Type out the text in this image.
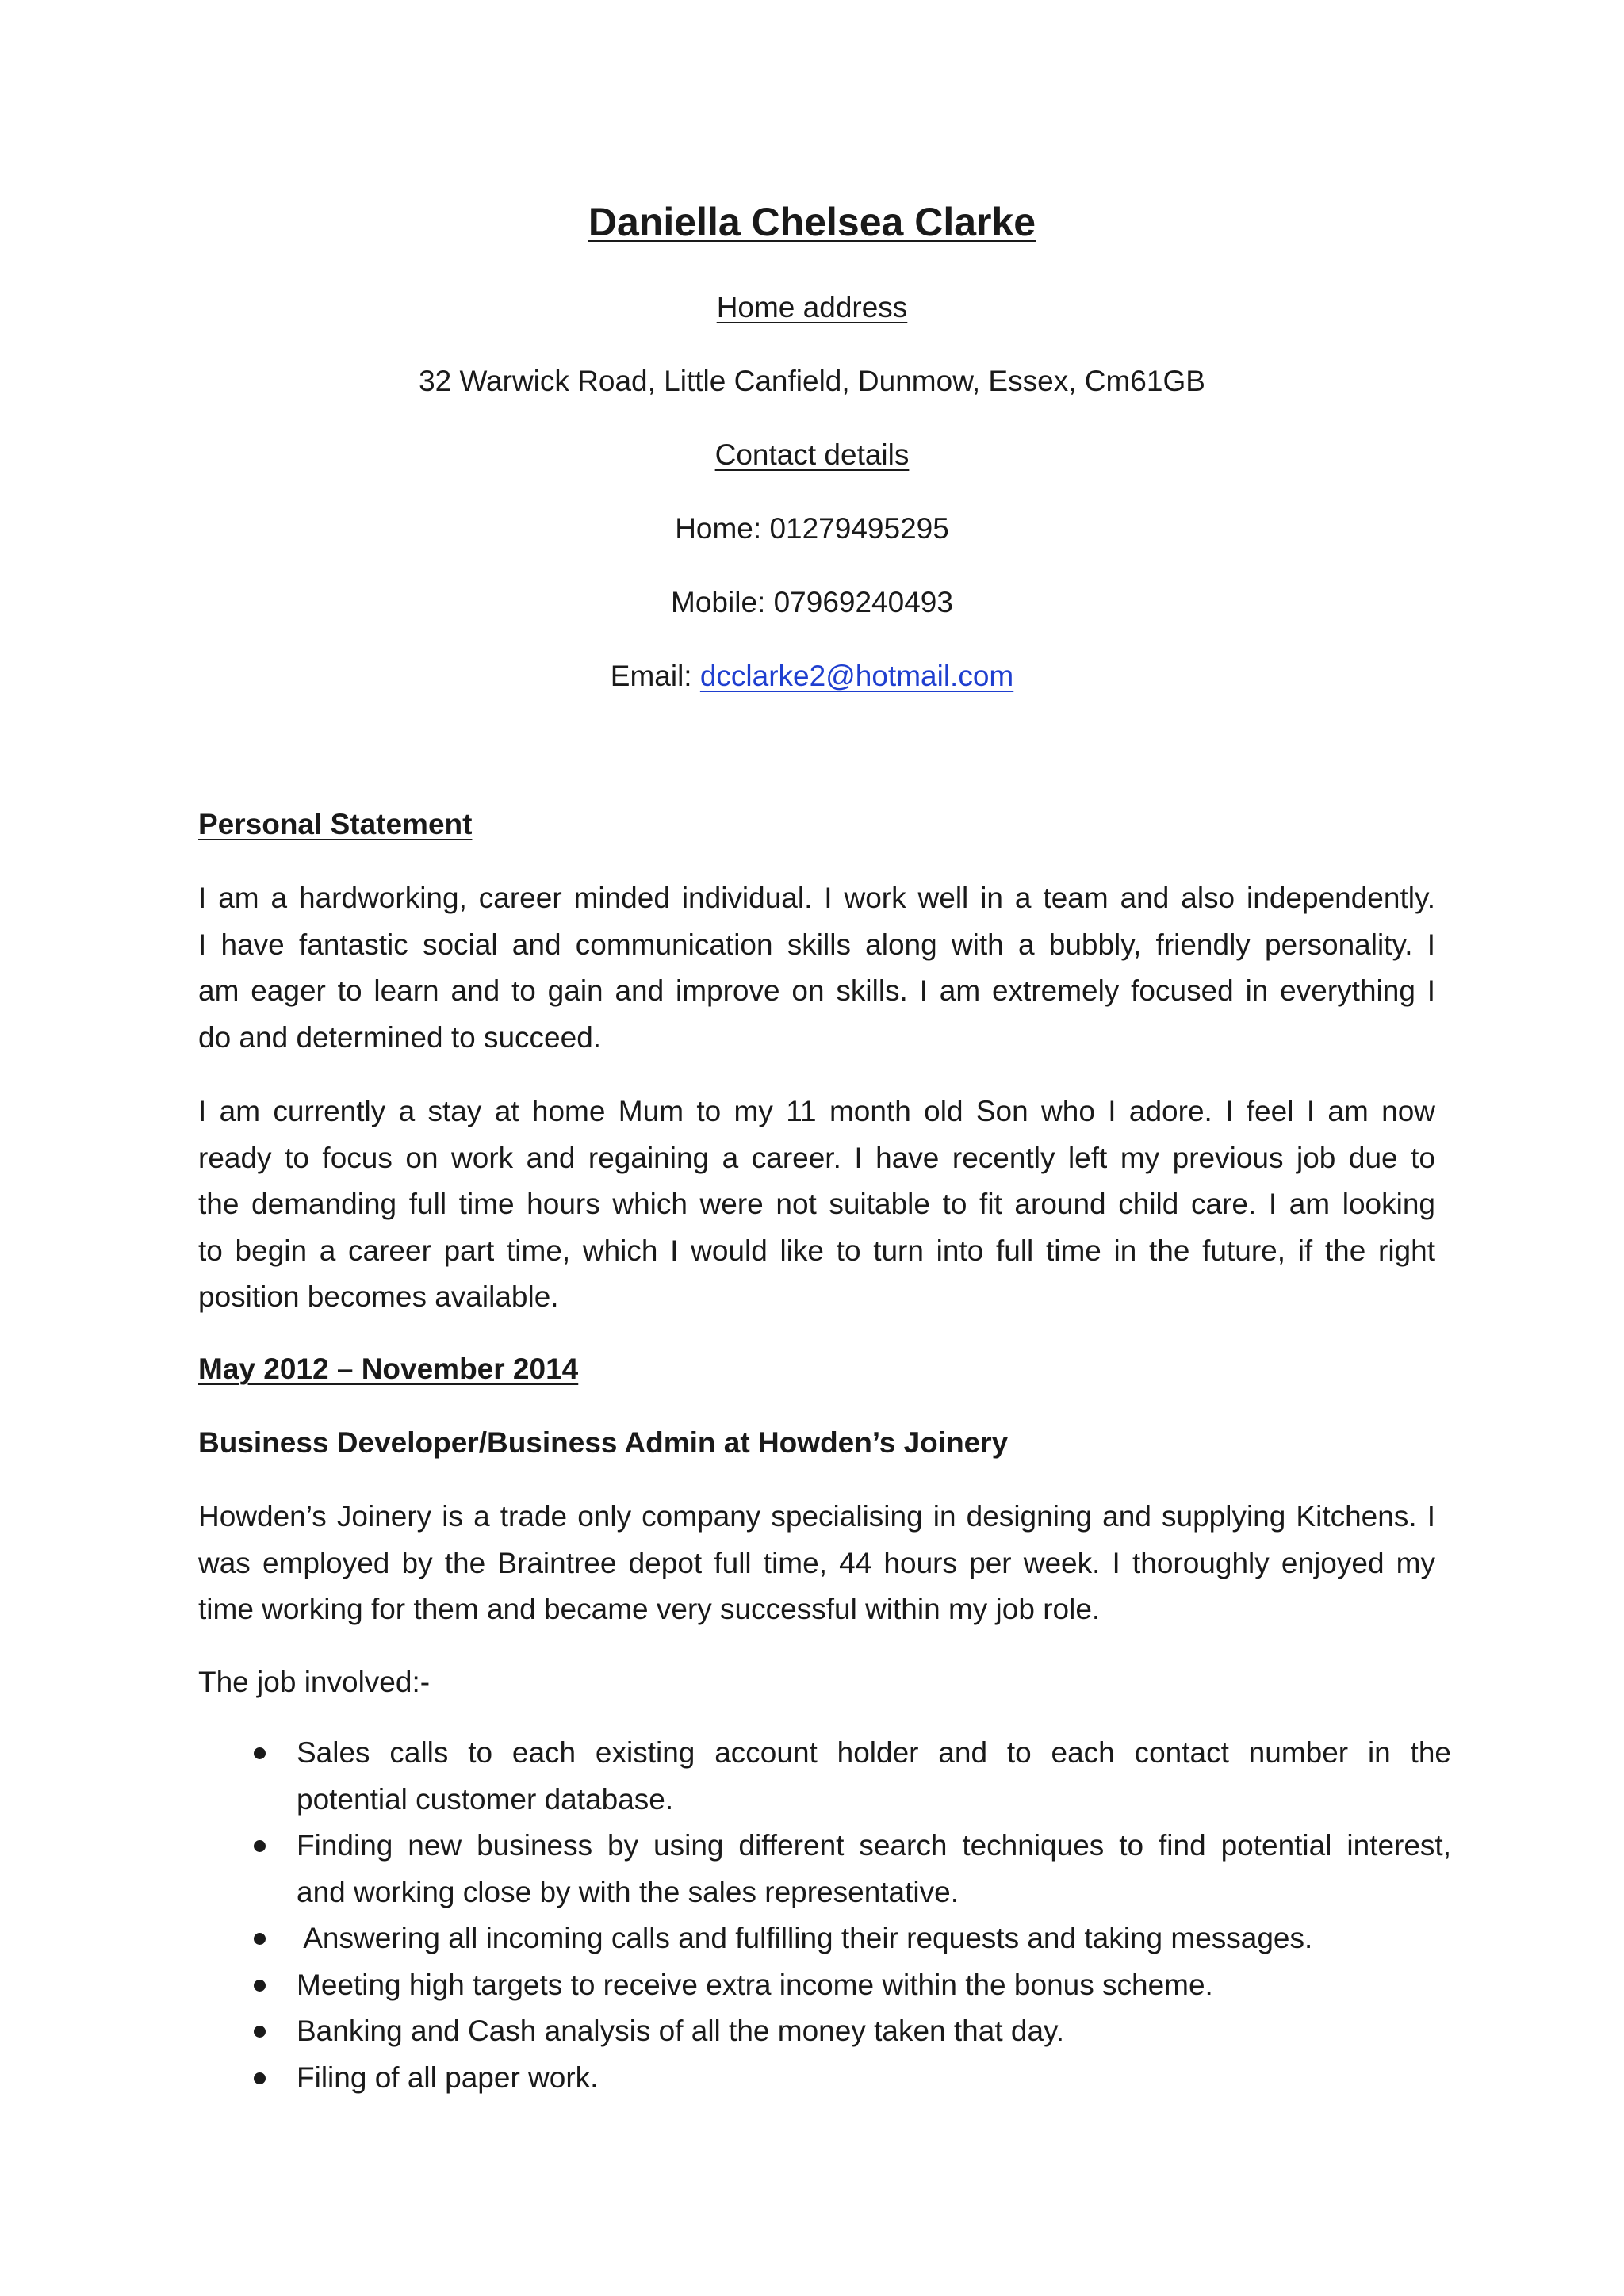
Daniella Chelsea Clarke

Home address

32 Warwick Road, Little Canfield, Dunmow, Essex, Cm61GB

Contact details

Home: 01279495295

Mobile: 07969240493

Email: dcclarke2@hotmail.com

Personal Statement
I am a hardworking, career minded individual. I work well in a team and also independently.
I have fantastic social and communication skills along with a bubbly, friendly personality. I
am eager to learn and to gain and improve on skills. I am extremely focused in everything I
do and determined to succeed.
I am currently a stay at home Mum to my 11 month old Son who I adore. I feel I am now
ready to focus on work and regaining a career. I have recently left my previous job due to
the demanding full time hours which were not suitable to fit around child care. I am looking
to begin a career part time, which I would like to turn into full time in the future, if the right
position becomes available.
May 2012 – November 2014
Business Developer/Business Admin at Howden’s Joinery
Howden’s Joinery is a trade only company specialising in designing and supplying Kitchens. I
was employed by the Braintree depot full time, 44 hours per week. I thoroughly enjoyed my
time working for them and became very successful within my job role.

The job involved:-

Sales calls to each existing account holder and to each contact number in the
potential customer database.
Finding new business by using different search techniques to find potential interest,
and working close by with the sales representative.
Answering all incoming calls and fulfilling their requests and taking messages.
Meeting high targets to receive extra income within the bonus scheme.
Banking and Cash analysis of all the money taken that day.
Filing of all paper work.
